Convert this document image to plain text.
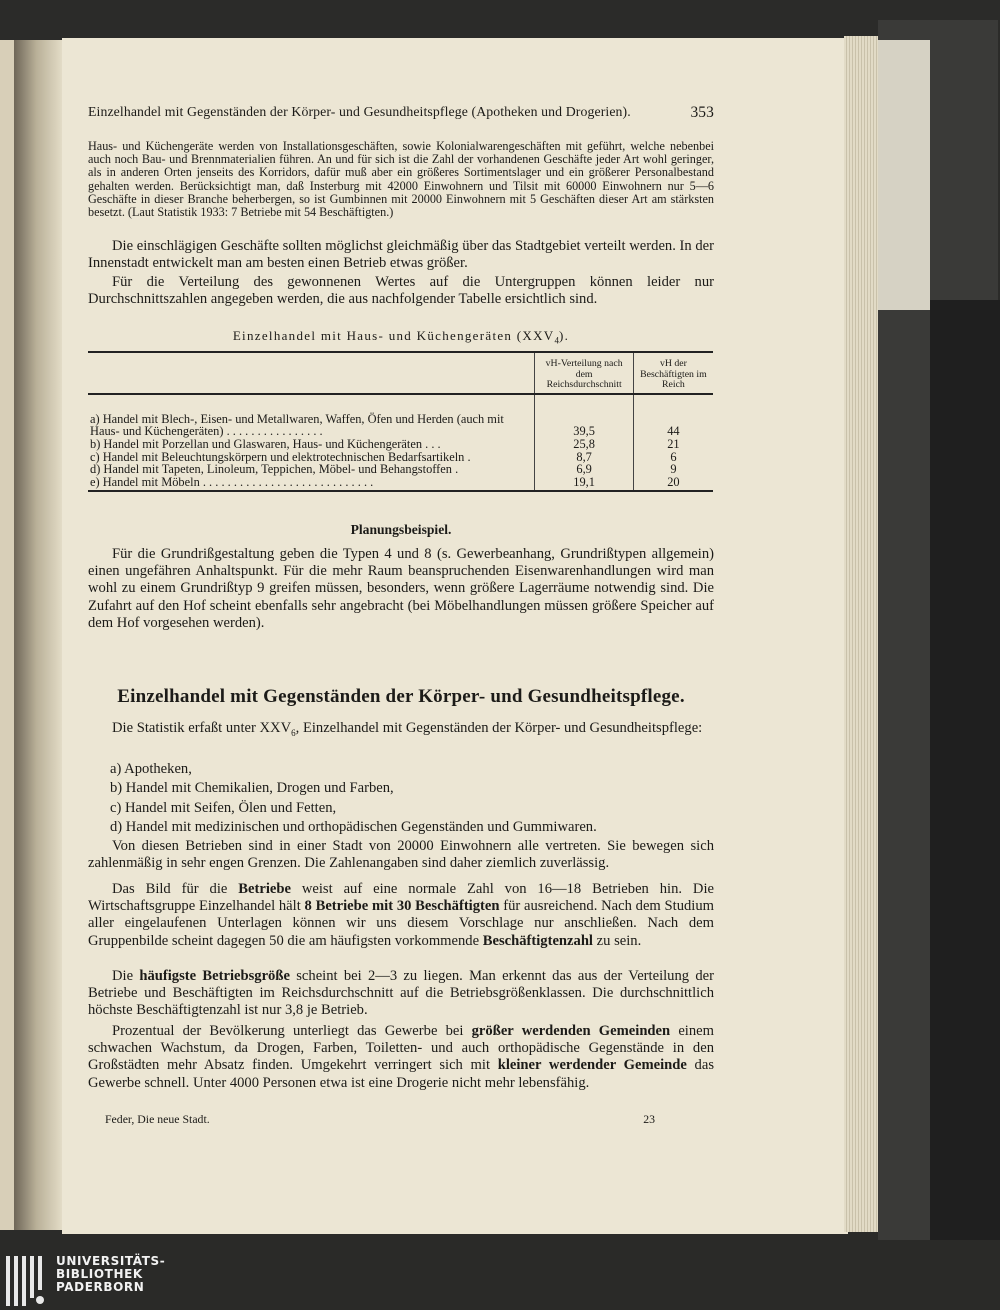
Einzelhandel mit Gegenständen der Körper- und Gesundheitspflege (Apotheken und Drogerien).	353
Haus- und Küchengeräte werden von Installationsgeschäften, sowie Kolonialwarengeschäften mit geführt, welche nebenbei auch noch Bau- und Brennmaterialien führen. An und für sich ist die Zahl der vorhandenen Geschäfte jeder Art wohl geringer, als in anderen Orten jenseits des Korridors, dafür muß aber ein größeres Sortimentslager und ein größerer Personalbestand gehalten werden. Berücksichtigt man, daß Insterburg mit 42000 Einwohnern und Tilsit mit 60000 Einwohnern nur 5—6 Geschäfte in dieser Branche beherbergen, so ist Gumbinnen mit 20000 Einwohnern mit 5 Geschäften dieser Art am stärksten besetzt. (Laut Statistik 1933: 7 Betriebe mit 54 Beschäftigten.)
Die einschlägigen Geschäfte sollten möglichst gleichmäßig über das Stadtgebiet verteilt werden. In der Innenstadt entwickelt man am besten einen Betrieb etwas größer.
Für die Verteilung des gewonnenen Wertes auf die Untergruppen können leider nur Durchschnittszahlen angegeben werden, die aus nachfolgender Tabelle ersichtlich sind.
Einzelhandel mit Haus- und Küchengeräten $(XXV_4)$.
	vH-Verteilung nach dem Reichsdurchschnitt	vH der Beschäftigten im Reich
a) Handel mit Blech-, Eisen- und Metallwaren, Waffen, Öfen und Herden (auch mit Haus- und Küchengeräten) . . . . . . . . . . . . . . . .	39,5	44
b) Handel mit Porzellan und Glaswaren, Haus- und Küchengeräten . . .	25,8	21
c) Handel mit Beleuchtungskörpern und elektrotechnischen Bedarfsartikeln .	8,7	6
d) Handel mit Tapeten, Linoleum, Teppichen, Möbel- und Behangstoffen .	6,9	9
e) Handel mit Möbeln . . . . . . . . . . . . . . . . . . . . . . . . . . . .	19,1	20
Planungsbeispiel.
Für die Grundrißgestaltung geben die Typen 4 und 8 (s. Gewerbeanhang, Grundrißtypen allgemein) einen ungefähren Anhaltspunkt. Für die mehr Raum beanspruchenden Eisenwarenhandlungen wird man wohl zu einem Grundrißtyp 9 greifen müssen, besonders, wenn größere Lagerräume notwendig sind. Die Zufahrt auf den Hof scheint ebenfalls sehr angebracht (bei Möbelhandlungen müssen größere Speicher auf dem Hof vorgesehen werden).
Einzelhandel mit Gegenständen der Körper- und Gesundheitspflege.
Die Statistik erfaßt unter $XXV_6$, Einzelhandel mit Gegenständen der Körper- und Gesundheitspflege:
a) Apotheken,
b) Handel mit Chemikalien, Drogen und Farben,
c) Handel mit Seifen, Ölen und Fetten,
d) Handel mit medizinischen und orthopädischen Gegenständen und Gummiwaren.
Von diesen Betrieben sind in einer Stadt von 20000 Einwohnern alle vertreten. Sie bewegen sich zahlenmäßig in sehr engen Grenzen. Die Zahlenangaben sind daher ziemlich zuverlässig.
Das Bild für die Betriebe weist auf eine normale Zahl von 16—18 Betrieben hin. Die Wirtschaftsgruppe Einzelhandel hält 8 Betriebe mit 30 Beschäftigten für ausreichend. Nach dem Studium aller eingelaufenen Unterlagen können wir uns diesem Vorschlage nur anschließen. Nach dem Gruppenbilde scheint dagegen 50 die am häufigsten vorkommende Beschäftigtenzahl zu sein.
Die häufigste Betriebsgröße scheint bei 2—3 zu liegen. Man erkennt das aus der Verteilung der Betriebe und Beschäftigten im Reichsdurchschnitt auf die Betriebsgrößenklassen. Die durchschnittlich höchste Beschäftigtenzahl ist nur 3,8 je Betrieb.
Prozentual der Bevölkerung unterliegt das Gewerbe bei größer werdenden Gemeinden einem schwachen Wachstum, da Drogen, Farben, Toiletten- und auch orthopädische Gegenstände in den Großstädten mehr Absatz finden. Umgekehrt verringert sich mit kleiner werdender Gemeinde das Gewerbe schnell. Unter 4000 Personen etwa ist eine Drogerie nicht mehr lebensfähig.
Feder, Die neue Stadt.	23
UNIVERSITÄTS-
BIBLIOTHEK
PADERBORN
